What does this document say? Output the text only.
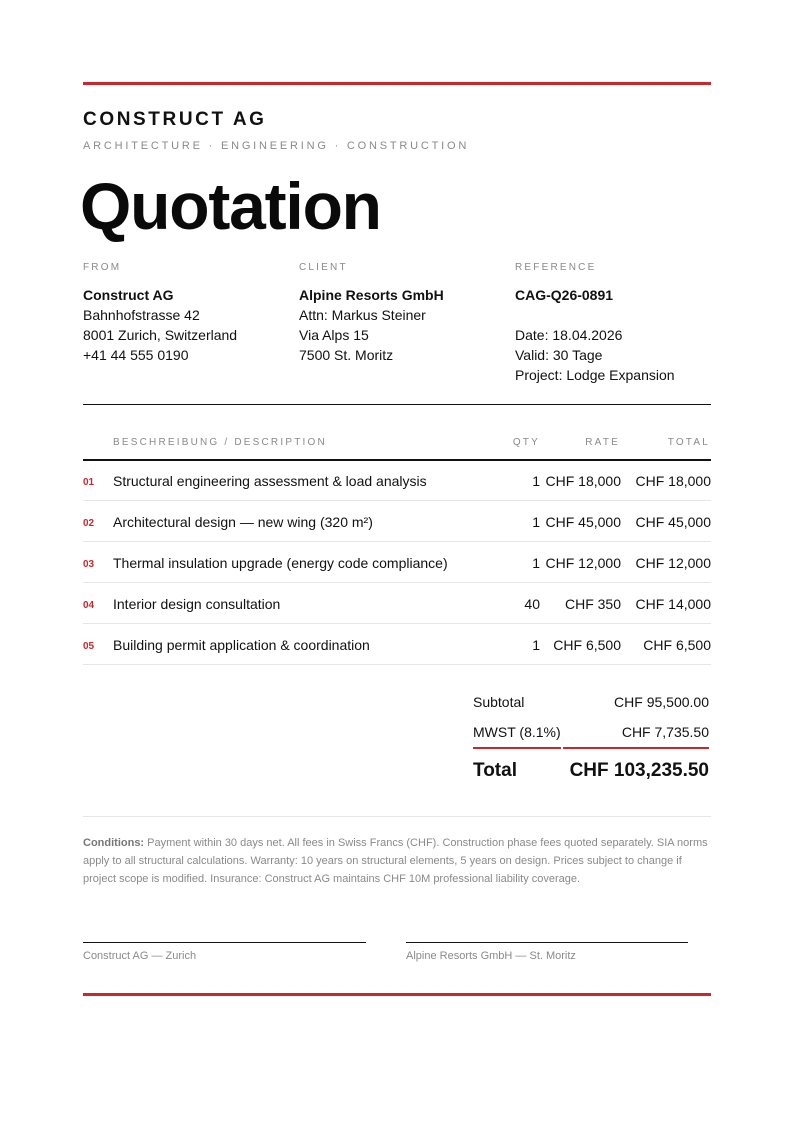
CONSTRUCT AG
ARCHITECTURE · ENGINEERING · CONSTRUCTION
Quotation
FROM
Construct AG
Bahnhofstrasse 42
8001 Zurich, Switzerland
+41 44 555 0190
CLIENT
Alpine Resorts GmbH
Attn: Markus Steiner
Via Alps 15
7500 St. Moritz
REFERENCE
CAG-Q26-0891
Date: 18.04.2026
Valid: 30 Tage
Project: Lodge Expansion
BESCHREIBUNG / DESCRIPTION	QTY	RATE	TOTAL
01 Structural engineering assessment & load analysis	1 CHF 18,000 CHF 18,000
02 Architectural design — new wing (320 m²)	1 CHF 45,000 CHF 45,000
03 Thermal insulation upgrade (energy code compliance)	1 CHF 12,000 CHF 12,000
04 Interior design consultation	40 CHF 350 CHF 14,000
05 Building permit application & coordination	1 CHF 6,500 CHF 6,500
Subtotal	CHF 95,500.00
MWST (8.1%)	CHF 7,735.50
Total	CHF 103,235.50
Conditions: Payment within 30 days net. All fees in Swiss Francs (CHF). Construction phase fees quoted separately. SIA norms apply to all structural calculations. Warranty: 10 years on structural elements, 5 years on design. Prices subject to change if project scope is modified. Insurance: Construct AG maintains CHF 10M professional liability coverage.
Construct AG — Zurich	Alpine Resorts GmbH — St. Moritz
